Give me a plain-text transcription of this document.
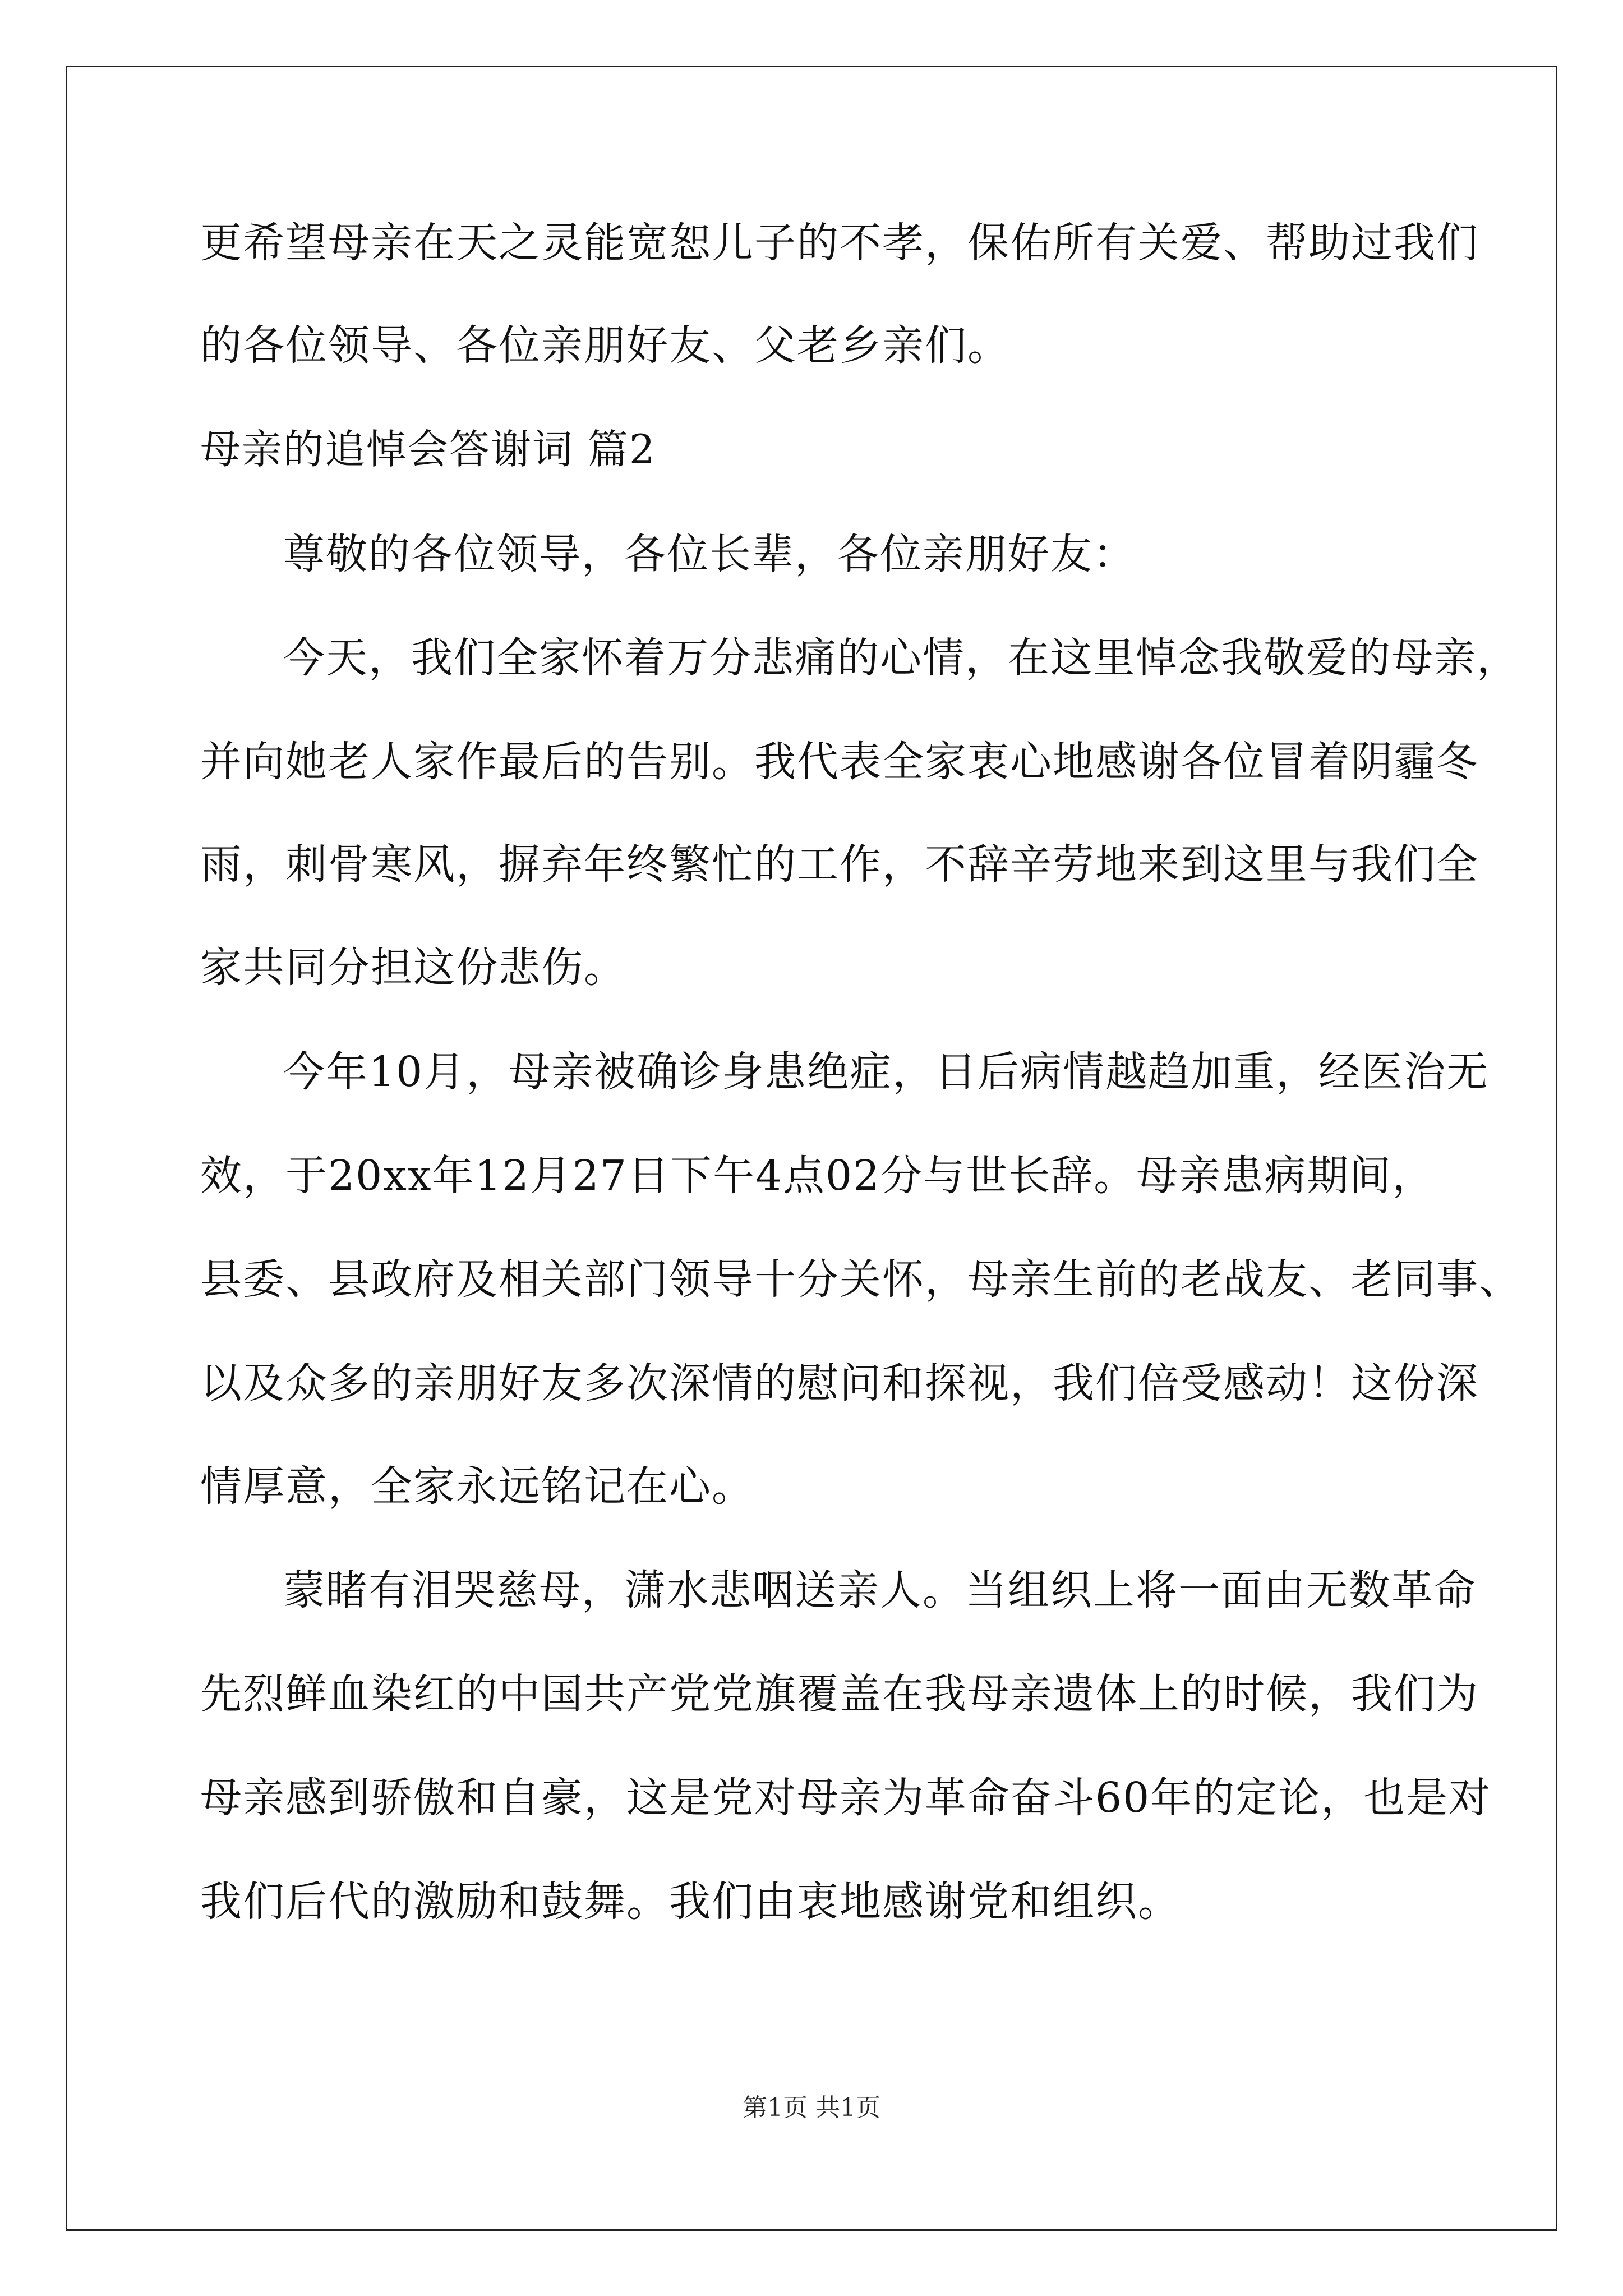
更希望母亲在天之灵能宽恕儿子的不孝，保佑所有关爱、帮助过我们
的各位领导、各位亲朋好友、父老乡亲们。
母亲的追悼会答谢词 篇2
尊敬的各位领导，各位长辈，各位亲朋好友：
今天，我们全家怀着万分悲痛的心情，在这里悼念我敬爱的母亲，
并向她老人家作最后的告别。我代表全家衷心地感谢各位冒着阴霾冬
雨，刺骨寒风，摒弃年终繁忙的工作，不辞辛劳地来到这里与我们全
家共同分担这份悲伤。
今年10月，母亲被确诊身患绝症，日后病情越趋加重，经医治无
效，于20xx年12月27日下午4点02分与世长辞。母亲患病期间，
县委、县政府及相关部门领导十分关怀，母亲生前的老战友、老同事、
以及众多的亲朋好友多次深情的慰问和探视，我们倍受感动！这份深
情厚意，全家永远铭记在心。
蒙睹有泪哭慈母，潇水悲咽送亲人。当组织上将一面由无数革命
先烈鲜血染红的中国共产党党旗覆盖在我母亲遗体上的时候，我们为
母亲感到骄傲和自豪，这是党对母亲为革命奋斗60年的定论，也是对
我们后代的激励和鼓舞。我们由衷地感谢党和组织。
第1页 共1页
